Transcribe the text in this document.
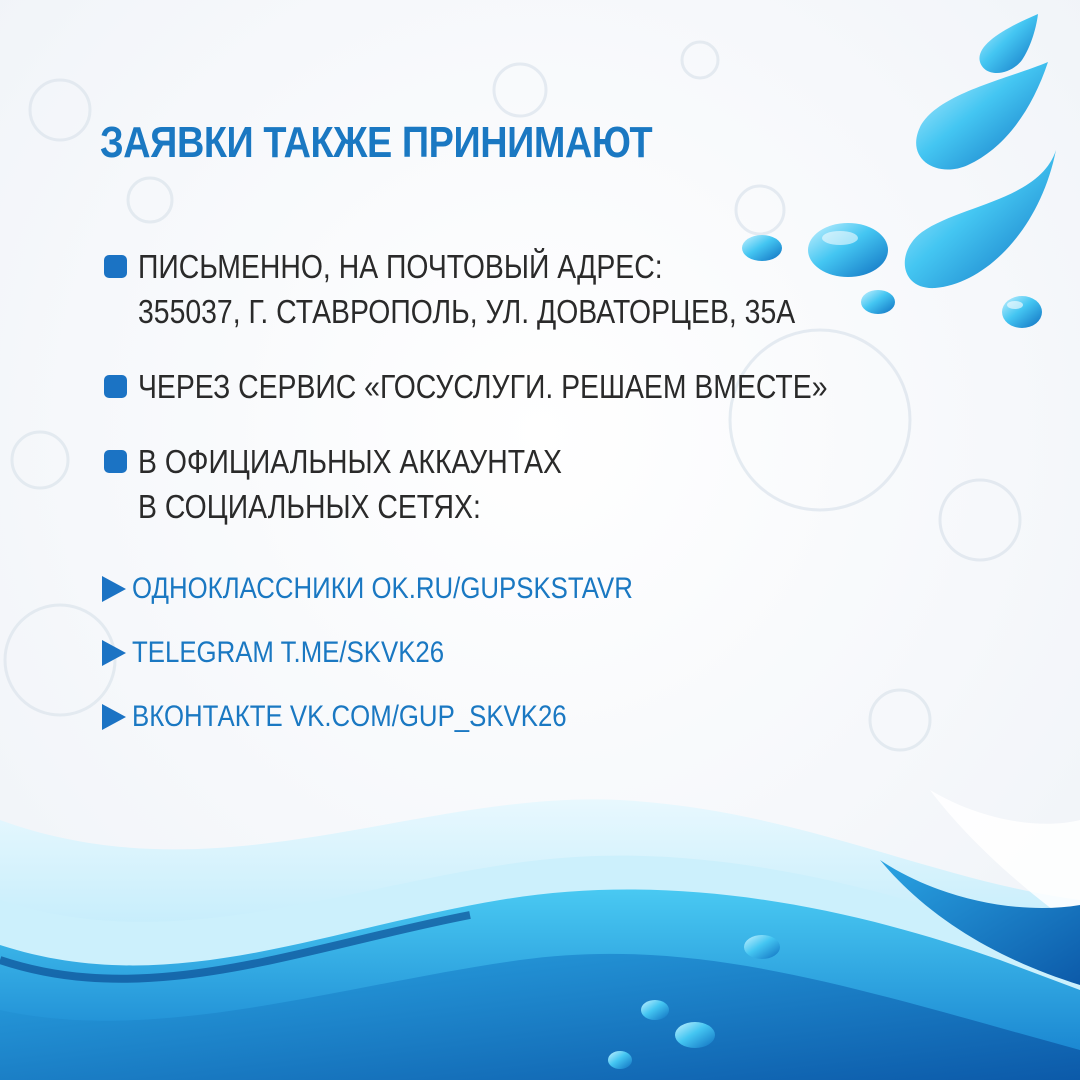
ЗАЯВКИ ТАКЖЕ ПРИНИМАЮТ
ПИСЬМЕННО, НА ПОЧТОВЫЙ АДРЕС:
355037, Г. СТАВРОПОЛЬ, УЛ. ДОВАТОРЦЕВ, 35А
ЧЕРЕЗ СЕРВИС «ГОСУСЛУГИ. РЕШАЕМ ВМЕСТЕ»
В ОФИЦИАЛЬНЫХ АККАУНТАХ
В СОЦИАЛЬНЫХ СЕТЯХ:
ОДНОКЛАССНИКИ OK.RU/GUPSKSTAVR
TELEGRAM T.ME/SKVK26
ВКОНТАКТЕ VK.COM/GUP_SKVK26
